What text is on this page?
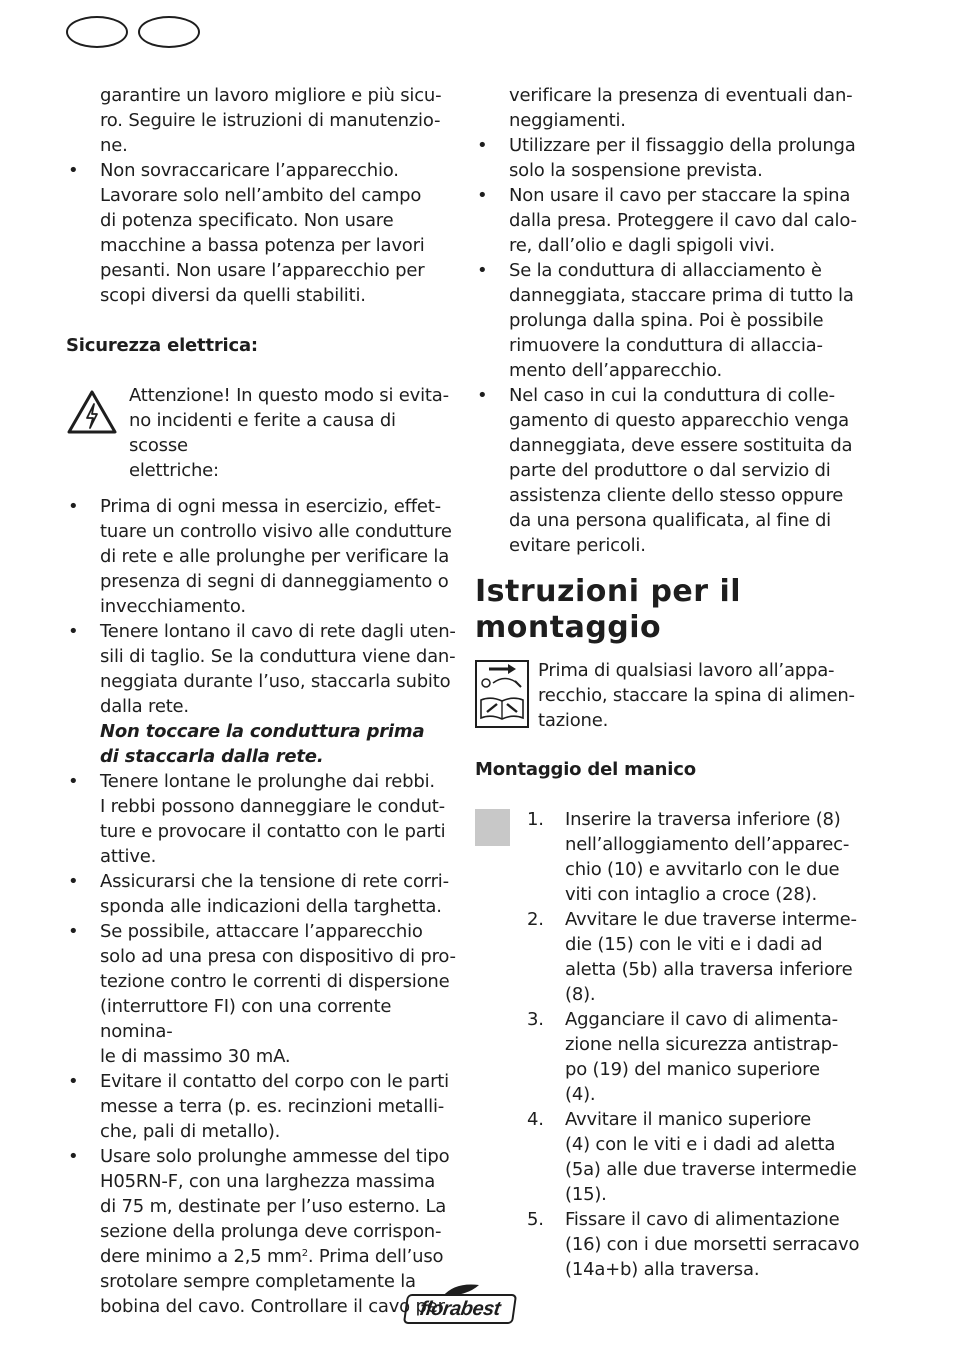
garantire un lavoro migliore e più sicu-
ro. Seguire le istruzioni di manutenzio-
ne.
• Non sovraccaricare l’apparecchio.
Lavorare solo nell’ambito del campo
di potenza specificato. Non usare
macchine a bassa potenza per lavori
pesanti. Non usare l’apparecchio per
scopi diversi da quelli stabiliti.
Sicurezza elettrica:
Attenzione! In questo modo si evita-
no incidenti e ferite a causa di scosse
elettriche:
• Prima di ogni messa in esercizio, effet-
tuare un controllo visivo alle condutture
di rete e alle prolunghe per verificare la
presenza di segni di danneggiamento o
invecchiamento.
• Tenere lontano il cavo di rete dagli uten-
sili di taglio. Se la conduttura viene dan-
neggiata durante l’uso, staccarla subito
dalla rete.
Non toccare la conduttura prima
di staccarla dalla rete.
• Tenere lontane le prolunghe dai rebbi.
I rebbi possono danneggiare le condut-
ture e provocare il contatto con le parti
attive.
• Assicurarsi che la tensione di rete corri-
sponda alle indicazioni della targhetta.
• Se possibile, attaccare l’apparecchio
solo ad una presa con dispositivo di pro-
tezione contro le correnti di dispersione
(interruttore FI) con una corrente nomina-
le di massimo 30 mA.
• Evitare il contatto del corpo con le parti
messe a terra (p. es. recinzioni metalli-
che, pali di metallo).
• Usare solo prolunghe ammesse del tipo
H05RN-F, con una larghezza massima
di 75 m, destinate per l’uso esterno. La
sezione della prolunga deve corrispon-
dere minimo a 2,5 $mm^2$. Prima dell’uso
srotolare sempre completamente la
bobina del cavo. Controllare il cavo per
verificare la presenza di eventuali dan-
neggiamenti.
• Utilizzare per il fissaggio della prolunga
solo la sospensione prevista.
• Non usare il cavo per staccare la spina
dalla presa. Proteggere il cavo dal calo-
re, dall’olio e dagli spigoli vivi.
• Se la conduttura di allacciamento è
danneggiata, staccare prima di tutto la
prolunga dalla spina. Poi è possibile
rimuovere la conduttura di allaccia-
mento dell’apparecchio.
• Nel caso in cui la conduttura di colle-
gamento di questo apparecchio venga
danneggiata, deve essere sostituita da
parte del produttore o dal servizio di
assistenza cliente dello stesso oppure
da una persona qualificata, al fine di
evitare pericoli.
Istruzioni per il
montaggio
Prima di qualsiasi lavoro all’appa-
recchio, staccare la spina di alimen-
tazione.
Montaggio del manico
1. Inserire la traversa inferiore (8)
nell’alloggiamento dell’apparec-
chio (10) e avvitarlo con le due
viti con intaglio a croce (28).
2. Avvitare le due traverse interme-
die (15) con le viti e i dadi ad
aletta (5b) alla traversa inferiore
(8).
3. Agganciare il cavo di alimenta-
zione nella sicurezza antistrap-
po (19) del manico superiore
(4).
4. Avvitare il manico superiore
(4) con le viti e i dadi ad aletta
(5a) alle due traverse intermedie
(15).
5. Fissare il cavo di alimentazione
(16) con i due morsetti serracavo
(14a+b) alla traversa.
florabest
